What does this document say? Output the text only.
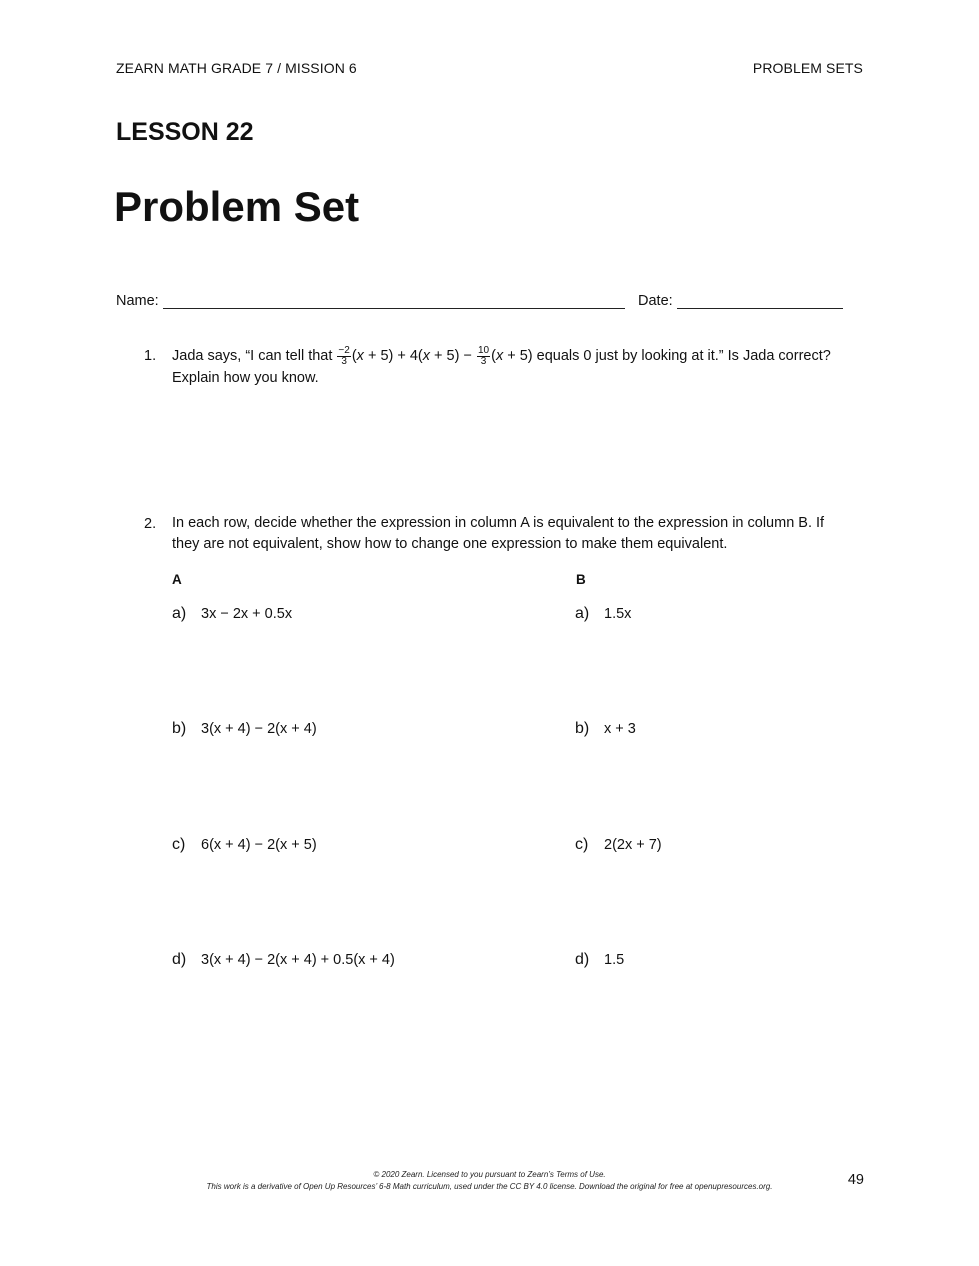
ZEARN MATH GRADE 7 / MISSION 6	PROBLEM SETS
LESSON 22
Problem Set
Name:	Date:
1. Jada says, “I can tell that $\frac{-2}{3} (x + 5) + 4(x + 5) - \frac{10}{3} (x + 5)$ equals 0 just by looking at it.” Is Jada correct?
Explain how you know.
2. In each row, decide whether the expression in column A is equivalent to the expression in column B. If they are not equivalent, show how to change one expression to make them equivalent.
A	B
a)	3x − 2x + 0.5x	a)	1.5x
b)	3(x + 4) − 2(x + 4)	b)	x + 3
c)	6(x + 4) − 2(x + 5)	c)	2(2x + 7)
d)	3(x + 4) − 2(x + 4) + 0.5(x + 4)	d)	1.5
© 2020 Zearn. Licensed to you pursuant to Zearn’s Terms of Use.
This work is a derivative of Open Up Resources’ 6-8 Math curriculum, used under the CC BY 4.0 license. Download the original for free at openupresources.org.	49
